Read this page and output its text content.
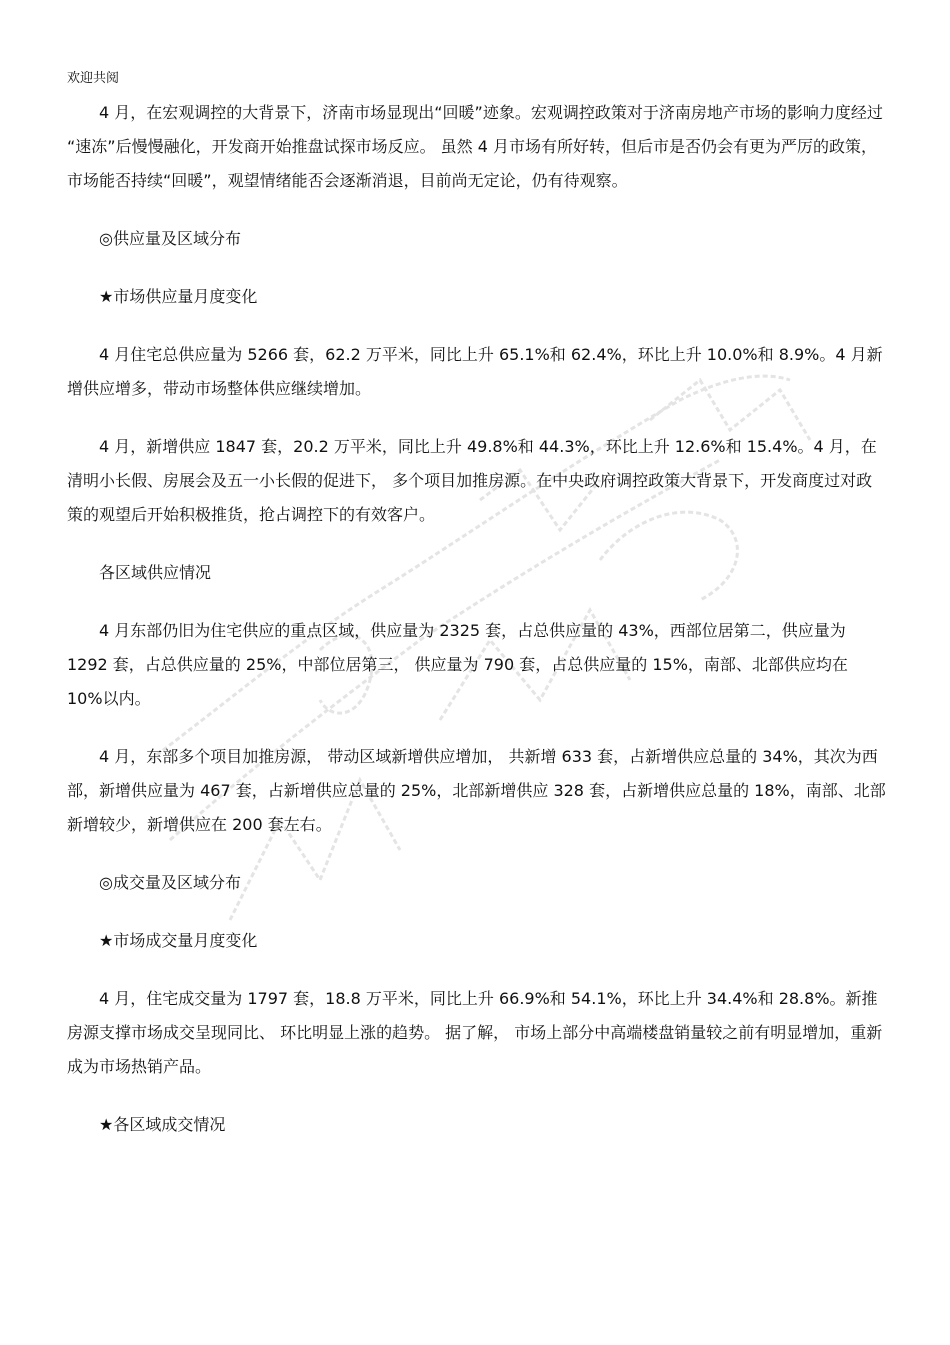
欢迎共阅

4 月，在宏观调控的大背景下，济南市场显现出“回暖”迹象。宏观调控政策对于济南房地产市场的影响力度经过 “速冻”后慢慢融化，开发商开始推盘试探市场反应。 虽然 4 月市场有所好转，但后市是否仍会有更为严厉的政策，市场能否持续“回暖”，观望情绪能否会逐渐消退，目前尚无定论，仍有待观察。

◎供应量及区域分布

★市场供应量月度变化

4 月住宅总供应量为 5266 套，62.2 万平米，同比上升 65.1%和 62.4%，环比上升 10.0%和 8.9%。4 月新增供应增多，带动市场整体供应继续增加。

4 月，新增供应 1847 套，20.2 万平米，同比上升 49.8%和 44.3%，环比上升 12.6%和 15.4%。4 月，在清明小长假、房展会及五一小长假的促进下， 多个项目加推房源。在中央政府调控政策大背景下，开发商度过对政策的观望后开始积极推货，抢占调控下的有效客户。

各区域供应情况

4 月东部仍旧为住宅供应的重点区域，供应量为 2325 套，占总供应量的 43%，西部位居第二，供应量为 1292 套，占总供应量的 25%，中部位居第三， 供应量为 790 套，占总供应量的 15%，南部、北部供应均在 10%以内。

4 月，东部多个项目加推房源， 带动区域新增供应增加， 共新增 633 套，占新增供应总量的 34%，其次为西部，新增供应量为 467 套，占新增供应总量的 25%，北部新增供应 328 套，占新增供应总量的 18%，南部、北部新增较少，新增供应在 200 套左右。

◎成交量及区域分布

★市场成交量月度变化

4 月，住宅成交量为 1797 套，18.8 万平米，同比上升 66.9%和 54.1%，环比上升 34.4%和 28.8%。新推房源支撑市场成交呈现同比、 环比明显上涨的趋势。 据了解， 市场上部分中高端楼盘销量较之前有明显增加，重新成为市场热销产品。

★各区域成交情况
